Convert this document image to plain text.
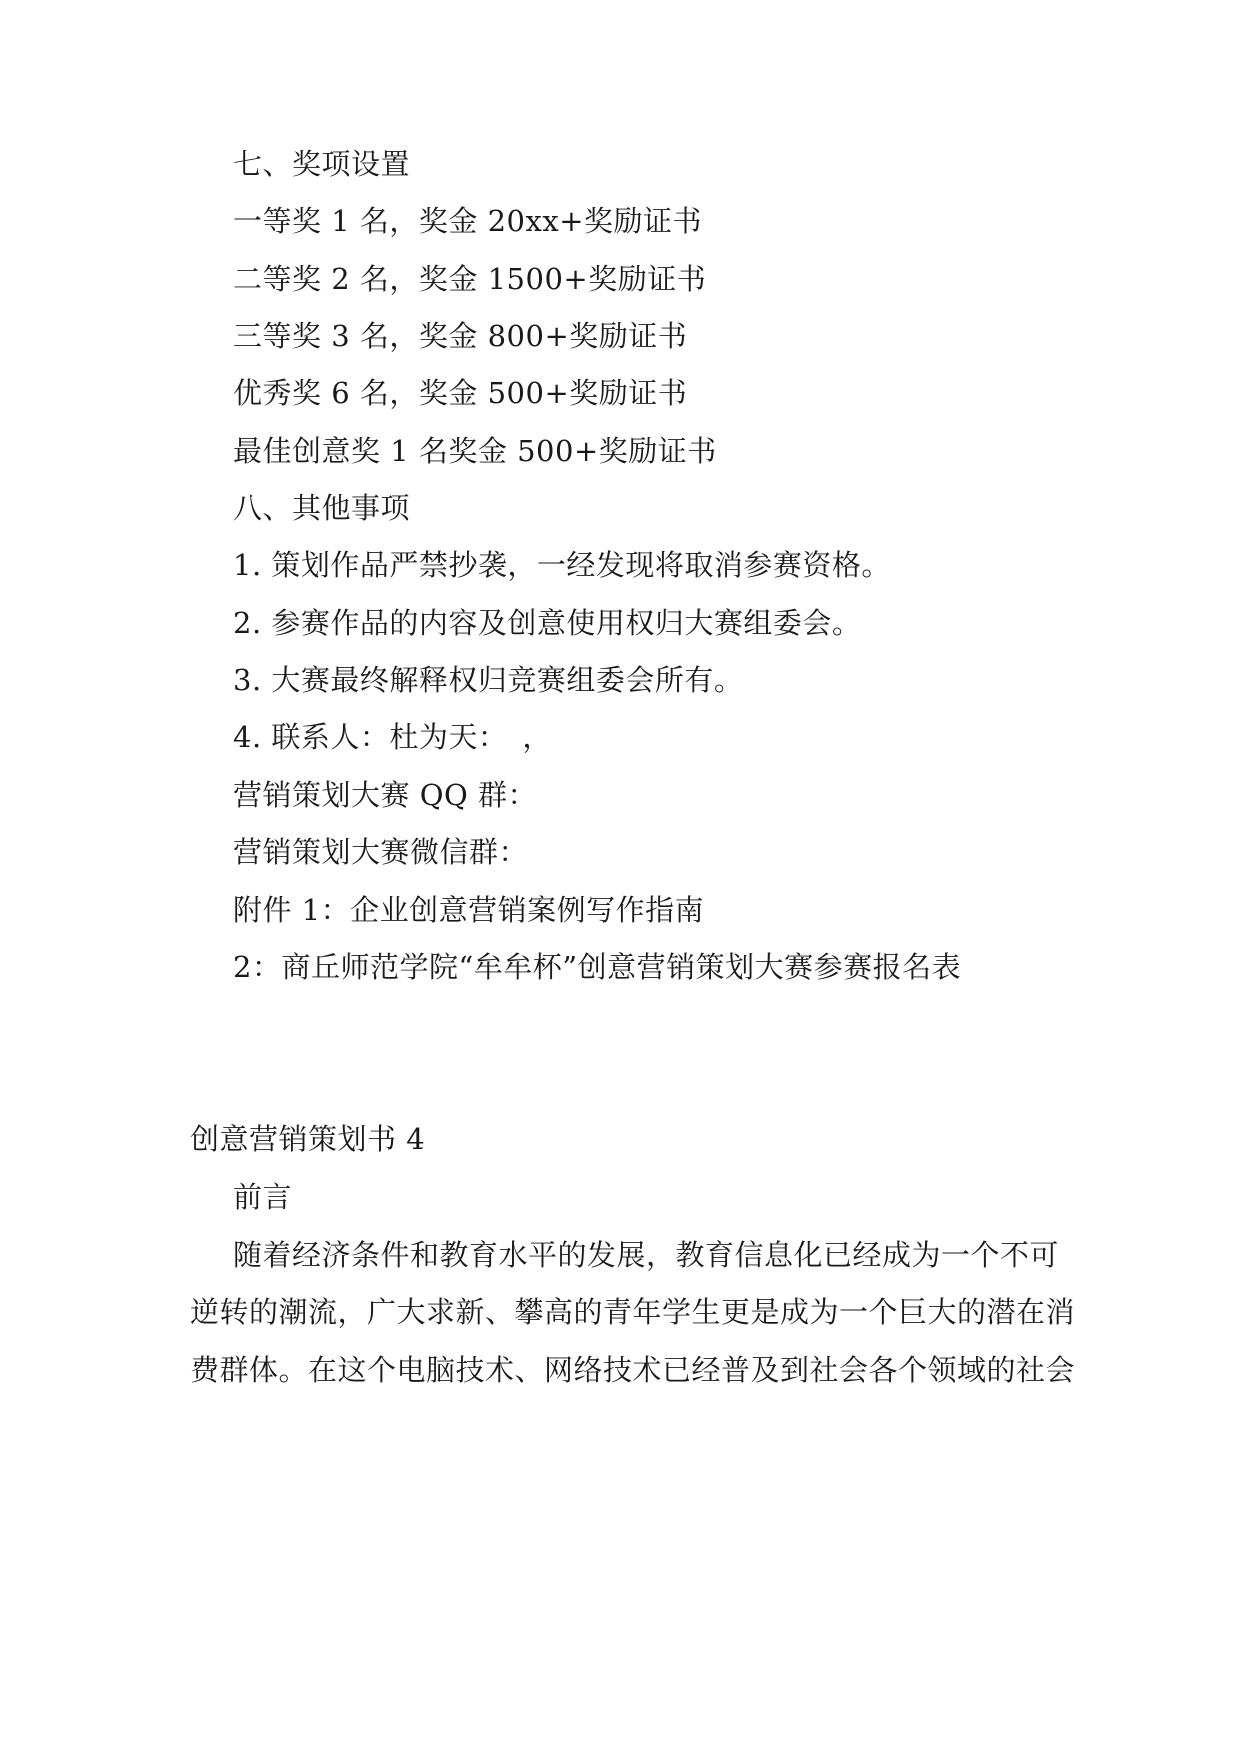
七、奖项设置
一等奖 1 名，奖金 20xx+奖励证书
二等奖 2 名，奖金 1500+奖励证书
三等奖 3 名，奖金 800+奖励证书
优秀奖 6 名，奖金 500+奖励证书
最佳创意奖 1 名奖金 500+奖励证书
八、其他事项
1. 策划作品严禁抄袭，一经发现将取消参赛资格。
2. 参赛作品的内容及创意使用权归大赛组委会。
3. 大赛最终解释权归竞赛组委会所有。
4. 联系人：杜为天：　，
营销策划大赛 QQ 群：
营销策划大赛微信群：
附件 1：企业创意营销案例写作指南
2：商丘师范学院“牟牟杯”创意营销策划大赛参赛报名表
创意营销策划书 4
前言
随着经济条件和教育水平的发展，教育信息化已经成为一个不可
逆转的潮流，广大求新、攀高的青年学生更是成为一个巨大的潜在消
费群体。在这个电脑技术、网络技术已经普及到社会各个领域的社会
